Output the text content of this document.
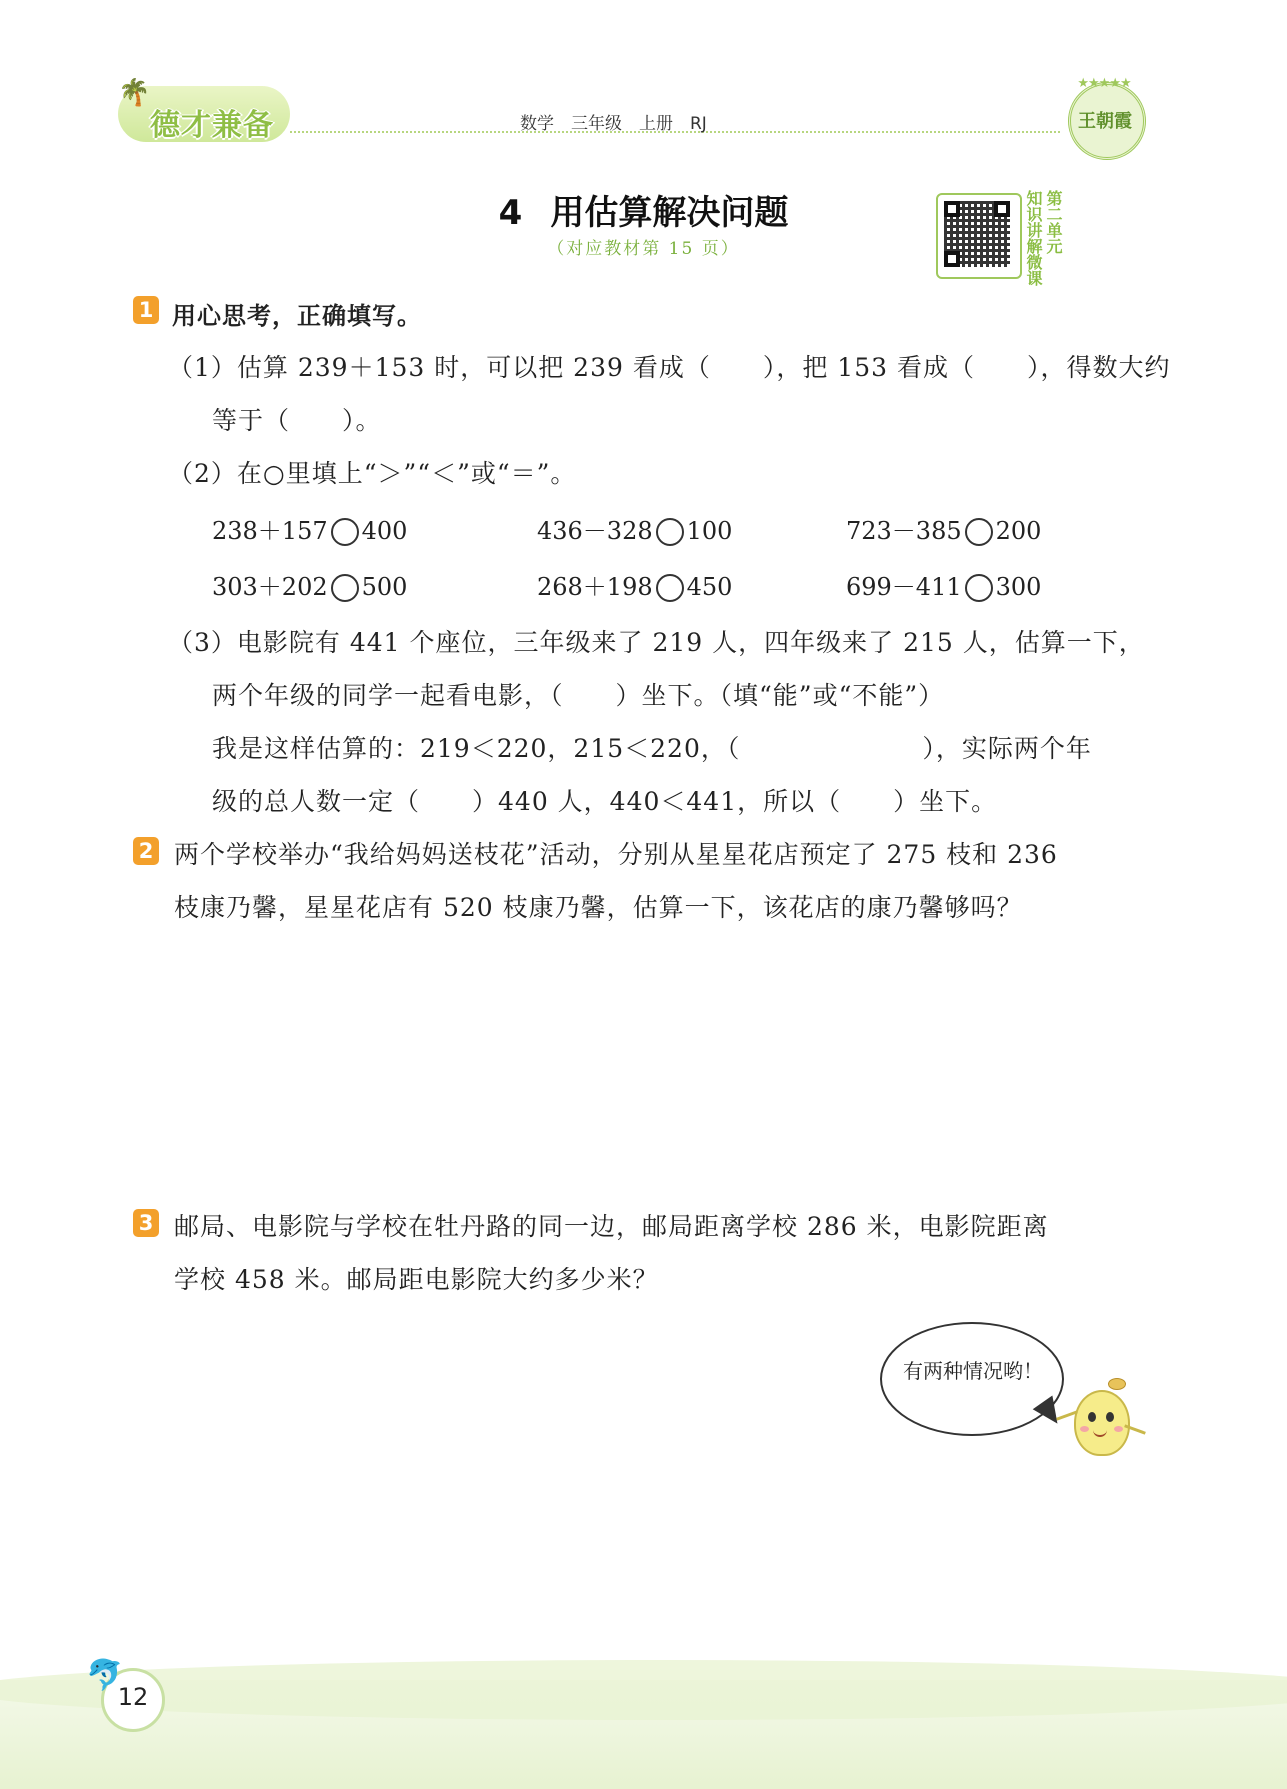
🌴
德才兼备	数学　三年级　上册　RJ
★★★★★
王朝霞
4 用估算解决问题
（对应教材第 15 页）	第二单元
知识讲解微课
1 用心思考，正确填写。
（1）估算 239＋153 时，可以把 239 看成（　　），把 153 看成（　　），得数大约
等于（　　）。
（2）在○里填上“＞”“＜”或“＝”。
238＋157 400	436－328 100	723－385 200
303＋202 500	268＋198 450	699－411 300
（3）电影院有 441 个座位，三年级来了 219 人，四年级来了 215 人，估算一下，
两个年级的同学一起看电影，（　　）坐下。（填“能”或“不能”）
我是这样估算的：219＜220，215＜220，（　　　　　　　），实际两个年
级的总人数一定（　　）440 人，440＜441，所以（　　）坐下。
2 两个学校举办“我给妈妈送枝花”活动，分别从星星花店预定了 275 枝和 236
枝康乃馨，星星花店有 520 枝康乃馨，估算一下，该花店的康乃馨够吗？
3 邮局、电影院与学校在牡丹路的同一边，邮局距离学校 286 米，电影院距离
学校 458 米。邮局距电影院大约多少米？
有两种情况哟！
🐬
12
